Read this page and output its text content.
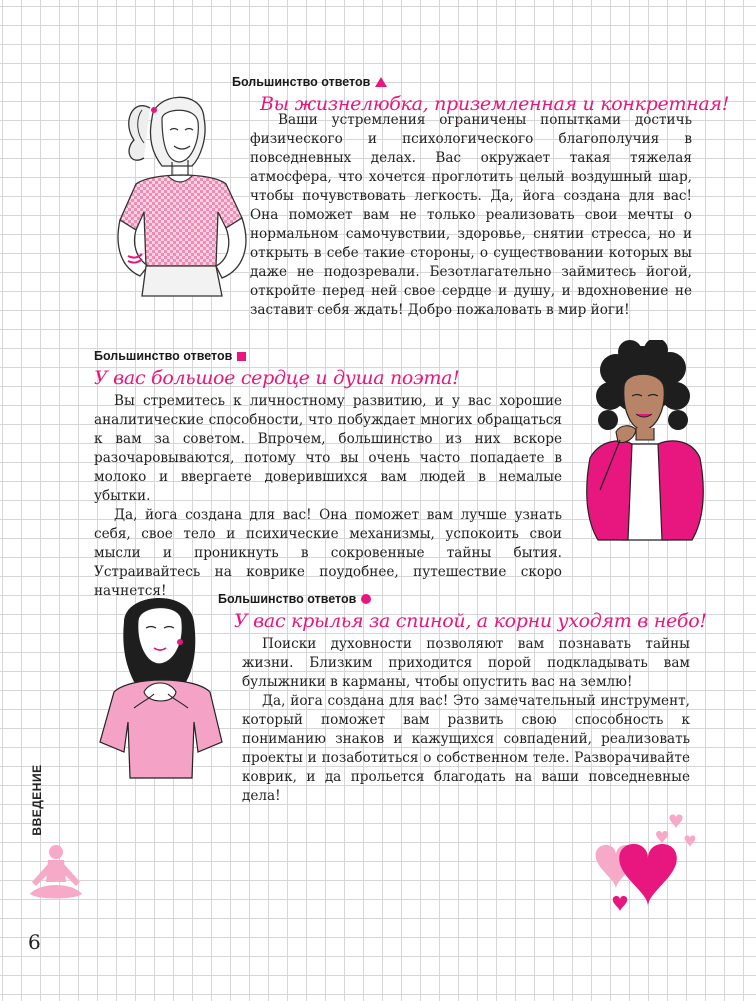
Большинство ответов
Вы жизнелюбка, приземленная и конкретная!

Ваши устремления ограничены попытками достичь физического и психологического благополучия в повседневных делах. Вас окружает такая тяжелая атмосфера, что хочется проглотить целый воздушный шар, чтобы почувствовать легкость. Да, йога создана для вас! Она поможет вам не только реализовать свои мечты о нормальном самочувствии, здоровье, снятии стресса, но и открыть в себе такие стороны, о существовании которых вы даже не подозревали. Безотлагательно займитесь йогой, откройте перед ней свое сердце и душу, и вдохновение не заставит себя ждать! Добро пожаловать в мир йоги!

Большинство ответов
У вас большое сердце и душа поэта!

Вы стремитесь к личностному развитию, и у вас хорошие аналитические способности, что побуждает многих обращаться к вам за советом. Впрочем, большинство из них вскоре разочаровываются, потому что вы очень часто попадаете в молоко и ввергаете доверившихся вам людей в немалые убытки.

Да, йога создана для вас! Она поможет вам лучше узнать себя, свое тело и психические механизмы, успокоить свои мысли и проникнуть в сокровенные тайны бытия. Устраивайтесь на коврике поудобнее, путешествие скоро начнется!	Большинство ответов
У вас крылья за спиной, а корни уходят в небо!

Поиски духовности позволяют вам познавать тайны жизни. Близким приходится порой подкладывать вам булыжники в карманы, чтобы опустить вас на землю!

Да, йога создана для вас! Это замечательный инструмент, который поможет вам развить свою способность к пониманию знаков и кажущихся совпадений, реализовать проекты и позаботиться о собственном теле. Разворачивайте коврик, и да прольется благодать на ваши повседневные дела!

ВВЕДЕНИЕ
6
